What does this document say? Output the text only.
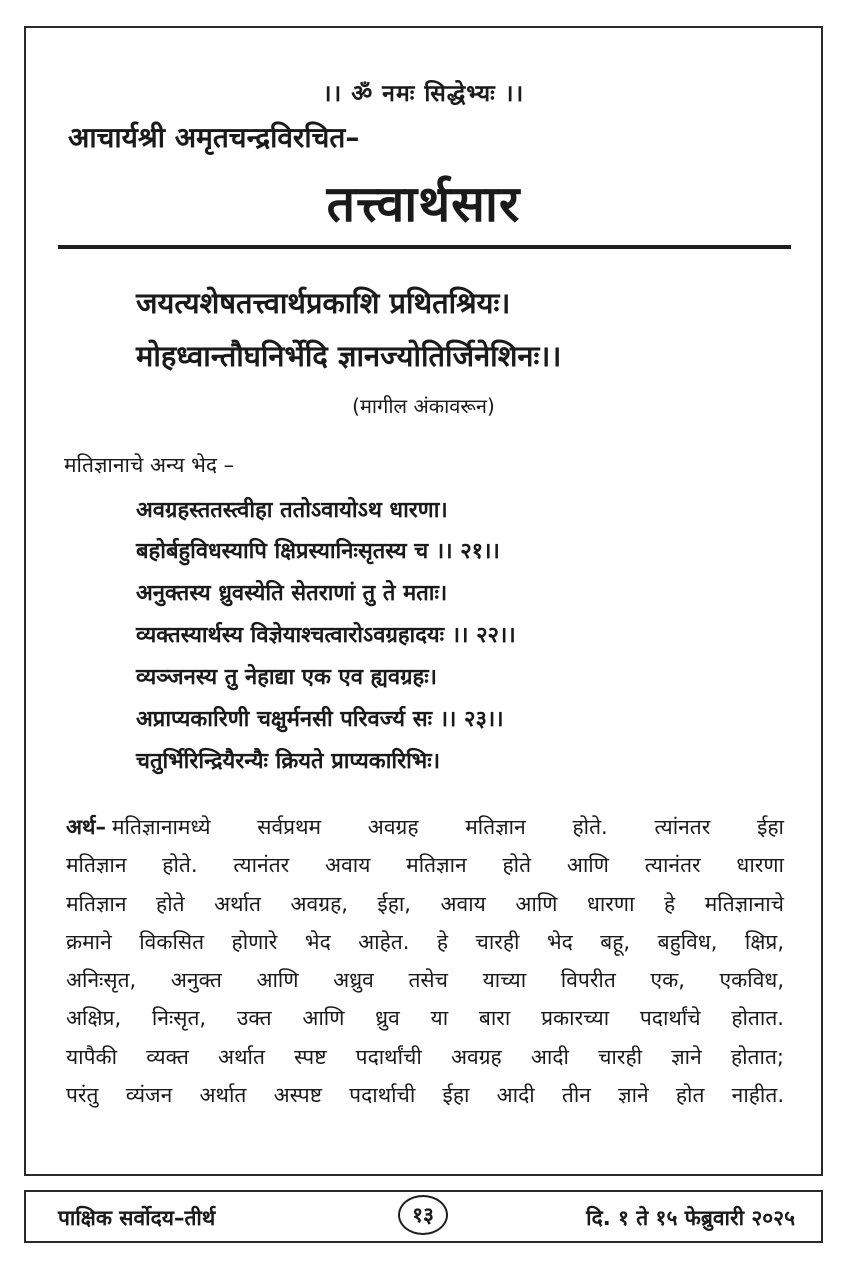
।। ॐ नमः सिद्धेभ्यः ।।
आचार्यश्री अमृतचन्द्रविरचित–
तत्त्वार्थसार
जयत्यशेषतत्त्वार्थप्रकाशि प्रथितश्रियः।
मोहध्वान्तौघनिर्भेदि ज्ञानज्योतिर्जिनेशिनः।।
(मागील अंकावरून)
मतिज्ञानाचे अन्य भेद –
अवग्रहस्ततस्त्वीहा ततोऽवायोऽथ धारणा।
बहोर्बहुविधस्यापि क्षिप्रस्यानिःसृतस्य च ।। २१।।
अनुक्तस्य ध्रुवस्येति सेतराणां तु ते मताः।
व्यक्तस्यार्थस्य विज्ञेयाश्चत्वारोऽवग्रहादयः ।। २२।।
व्यञ्जनस्य तु नेहाद्या एक एव ह्यवग्रहः।
अप्राप्यकारिणी चक्षुर्मनसी परिवर्ज्य सः ।। २३।।
चतुर्भिरिन्द्रियैरन्यैः क्रियते प्राप्यकारिभिः।
अर्थ– मतिज्ञानामध्ये सर्वप्रथम अवग्रह मतिज्ञान होते. त्यांनतर ईहा
मतिज्ञान होते. त्यानंतर अवाय मतिज्ञान होते आणि त्यानंतर धारणा
मतिज्ञान होते अर्थात अवग्रह, ईहा, अवाय आणि धारणा हे मतिज्ञानाचे
क्रमाने विकसित होणारे भेद आहेत. हे चारही भेद बहू, बहुविध, क्षिप्र,
अनिःसृत, अनुक्त आणि अध्रुव तसेच याच्या विपरीत एक, एकविध,
अक्षिप्र, निःसृत, उक्त आणि ध्रुव या बारा प्रकारच्या पदार्थांचे होतात.
यापैकी व्यक्त अर्थात स्पष्ट पदार्थांची अवग्रह आदी चारही ज्ञाने होतात;
परंतु व्यंजन अर्थात अस्पष्ट पदार्थाची ईहा आदी तीन ज्ञाने होत नाहीत.
पाक्षिक सर्वोदय–तीर्थ	१३	दि. १ ते १५ फेब्रुवारी २०२५
